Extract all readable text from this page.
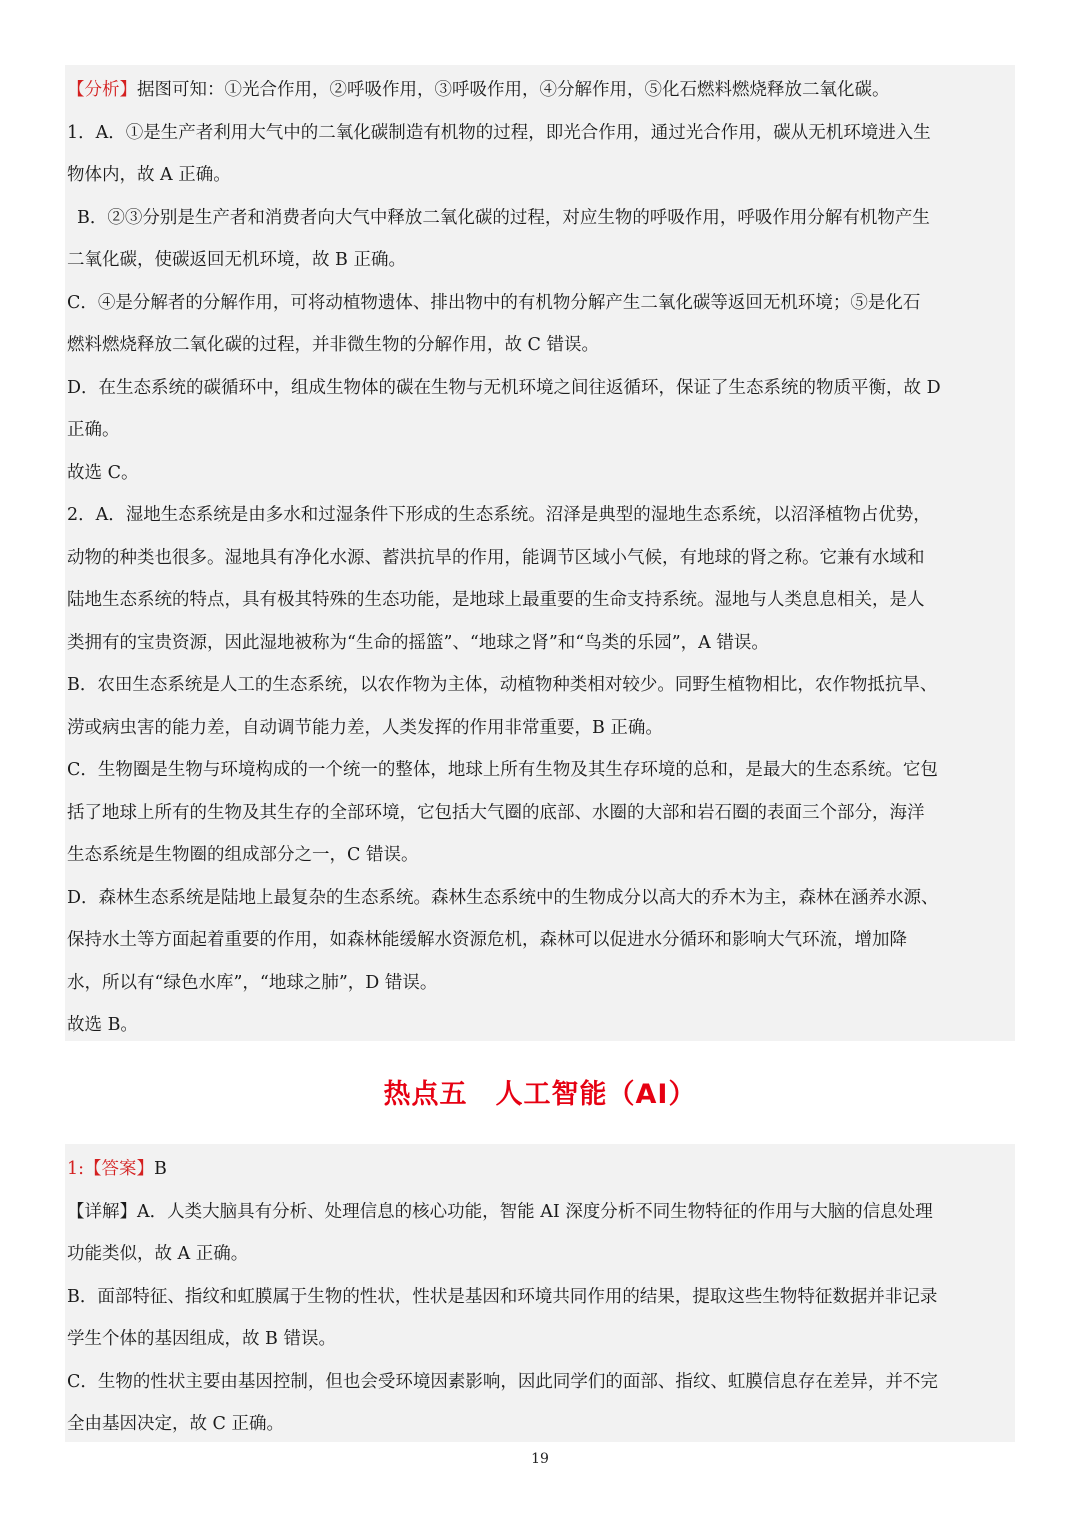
【分析】据图可知：①光合作用，②呼吸作用，③呼吸作用，④分解作用，⑤化石燃料燃烧释放二氧化碳。
1．A．①是生产者利用大气中的二氧化碳制造有机物的过程，即光合作用，通过光合作用，碳从无机环境进入生
物体内，故 A 正确。
B．②③分别是生产者和消费者向大气中释放二氧化碳的过程，对应生物的呼吸作用，呼吸作用分解有机物产生
二氧化碳，使碳返回无机环境，故 B 正确。
C．④是分解者的分解作用，可将动植物遗体、排出物中的有机物分解产生二氧化碳等返回无机环境；⑤是化石
燃料燃烧释放二氧化碳的过程，并非微生物的分解作用，故 C 错误。
D．在生态系统的碳循环中，组成生物体的碳在生物与无机环境之间往返循环，保证了生态系统的物质平衡，故 D
正确。
故选 C。
2．A．湿地生态系统是由多水和过湿条件下形成的生态系统。沼泽是典型的湿地生态系统，以沼泽植物占优势，
动物的种类也很多。湿地具有净化水源、蓄洪抗旱的作用，能调节区域小气候，有地球的肾之称。它兼有水域和
陆地生态系统的特点，具有极其特殊的生态功能，是地球上最重要的生命支持系统。湿地与人类息息相关，是人
类拥有的宝贵资源，因此湿地被称为“生命的摇篮”、“地球之肾”和“鸟类的乐园”，A 错误。
B．农田生态系统是人工的生态系统，以农作物为主体，动植物种类相对较少。同野生植物相比，农作物抵抗旱、
涝或病虫害的能力差，自动调节能力差，人类发挥的作用非常重要，B 正确。
C．生物圈是生物与环境构成的一个统一的整体，地球上所有生物及其生存环境的总和，是最大的生态系统。它包
括了地球上所有的生物及其生存的全部环境，它包括大气圈的底部、水圈的大部和岩石圈的表面三个部分，海洋
生态系统是生物圈的组成部分之一，C 错误。
D．森林生态系统是陆地上最复杂的生态系统。森林生态系统中的生物成分以高大的乔木为主，森林在涵养水源、
保持水土等方面起着重要的作用，如森林能缓解水资源危机，森林可以促进水分循环和影响大气环流，增加降
水，所以有“绿色水库”，“地球之肺”，D 错误。
故选 B。
热点五　人工智能（AI）
1:【答案】B
【详解】A．人类大脑具有分析、处理信息的核心功能，智能 AI 深度分析不同生物特征的作用与大脑的信息处理
功能类似，故 A 正确。
B．面部特征、指纹和虹膜属于生物的性状，性状是基因和环境共同作用的结果，提取这些生物特征数据并非记录
学生个体的基因组成，故 B 错误。
C．生物的性状主要由基因控制，但也会受环境因素影响，因此同学们的面部、指纹、虹膜信息存在差异，并不完
全由基因决定，故 C 正确。
19
